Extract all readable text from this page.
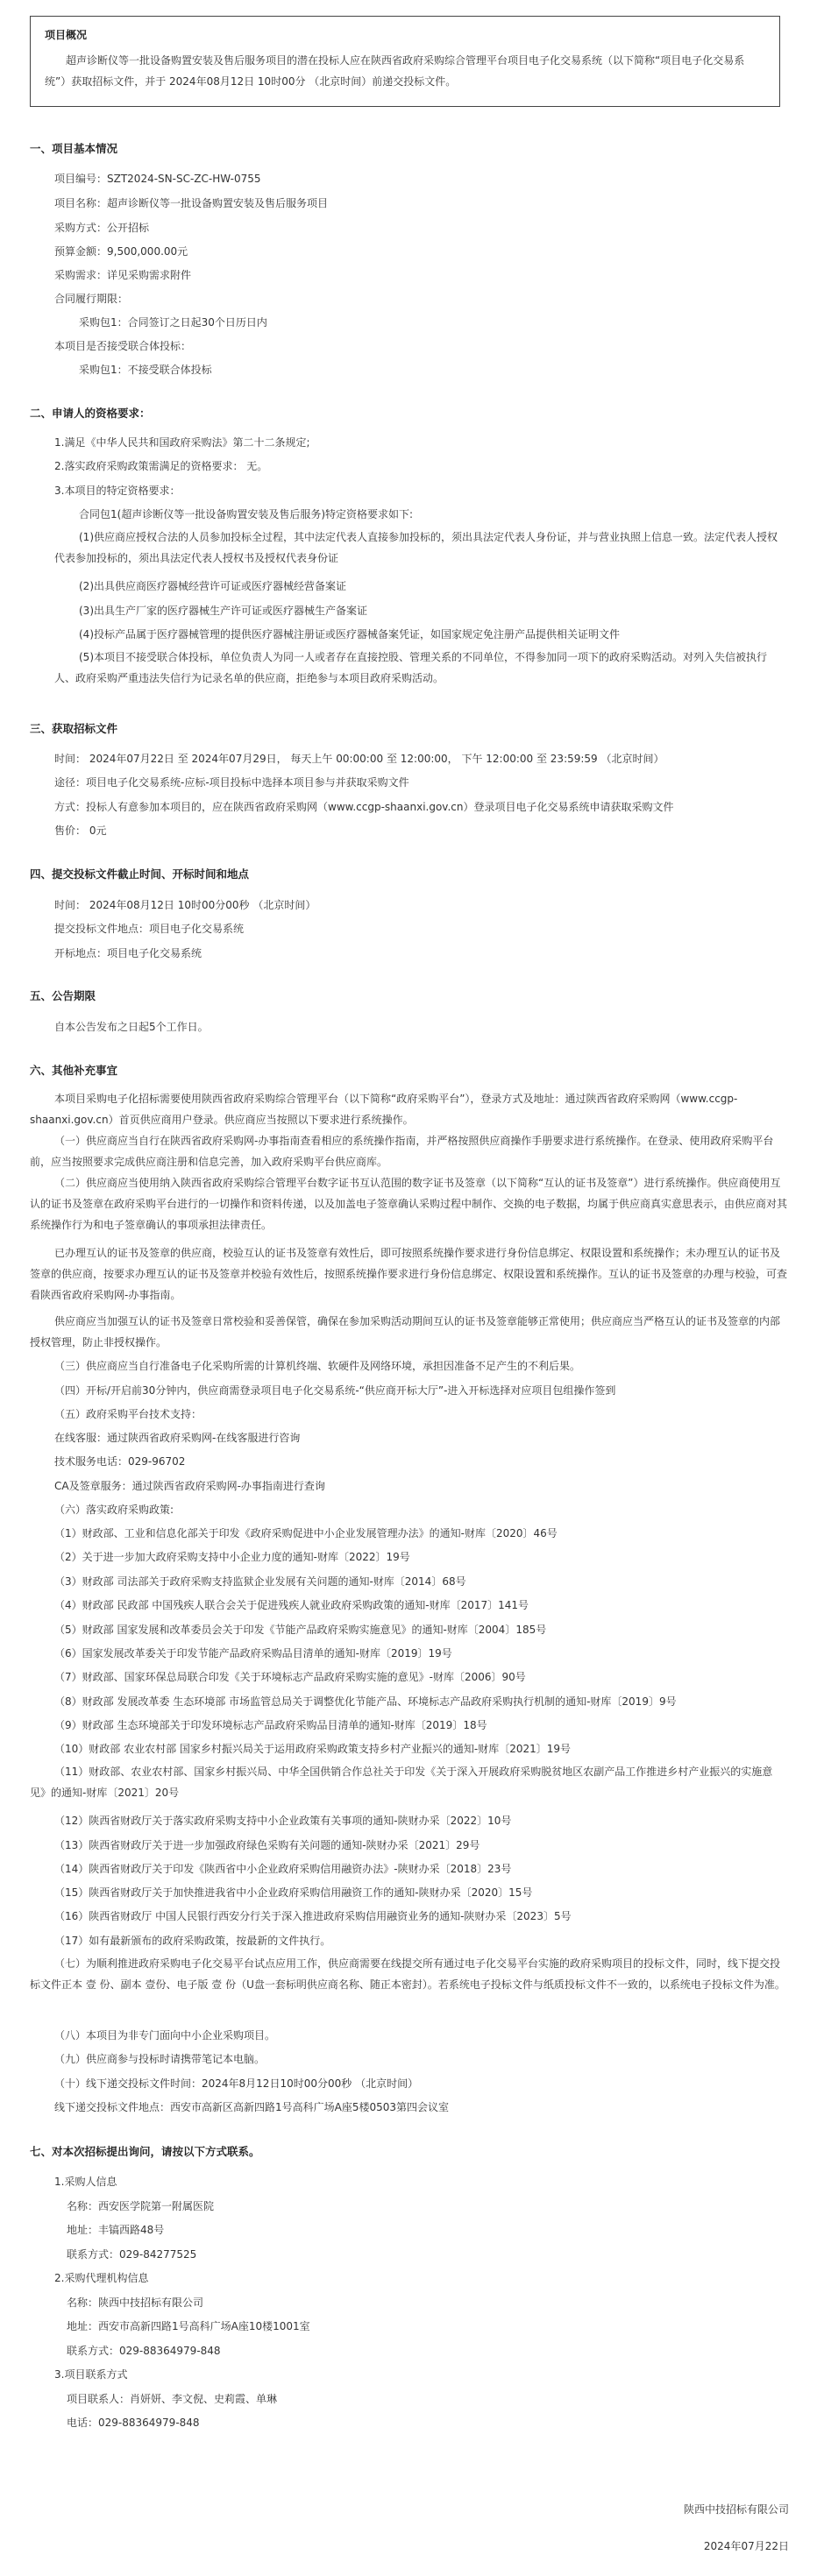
项目概况
超声诊断仪等一批设备购置安装及售后服务项目的潜在投标人应在陕西省政府采购综合管理平台项目电子化交易系统（以下简称“项目电子化交易系统”）获取招标文件，并于 2024年08月12日 10时00分 （北京时间）前递交投标文件。
一、项目基本情况
项目编号：SZT2024-SN-SC-ZC-HW-0755
项目名称：超声诊断仪等一批设备购置安装及售后服务项目
采购方式：公开招标
预算金额：9,500,000.00元
采购需求：详见采购需求附件
合同履行期限：
采购包1：合同签订之日起30个日历日内
本项目是否接受联合体投标：
采购包1：不接受联合体投标
二、申请人的资格要求：
1.满足《中华人民共和国政府采购法》第二十二条规定;
2.落实政府采购政策需满足的资格要求： 无。
3.本项目的特定资格要求：
合同包1(超声诊断仪等一批设备购置安装及售后服务)特定资格要求如下:
(1)供应商应授权合法的人员参加投标全过程，其中法定代表人直接参加投标的，须出具法定代表人身份证，并与营业执照上信息一致。法定代表人授权代表参加投标的，须出具法定代表人授权书及授权代表身份证
(2)出具供应商医疗器械经营许可证或医疗器械经营备案证
(3)出具生产厂家的医疗器械生产许可证或医疗器械生产备案证
(4)投标产品属于医疗器械管理的提供医疗器械注册证或医疗器械备案凭证，如国家规定免注册产品提供相关证明文件
(5)本项目不接受联合体投标，单位负责人为同一人或者存在直接控股、管理关系的不同单位，不得参加同一项下的政府采购活动。对列入失信被执行人、政府采购严重违法失信行为记录名单的供应商，拒绝参与本项目政府采购活动。
三、获取招标文件
时间： 2024年07月22日 至 2024年07月29日， 每天上午 00:00:00 至 12:00:00， 下午 12:00:00 至 23:59:59 （北京时间）
途径：项目电子化交易系统-应标-项目投标中选择本项目参与并获取采购文件
方式：投标人有意参加本项目的，应在陕西省政府采购网（www.ccgp-shaanxi.gov.cn）登录项目电子化交易系统申请获取采购文件
售价： 0元
四、提交投标文件截止时间、开标时间和地点
时间： 2024年08月12日 10时00分00秒 （北京时间）
提交投标文件地点：项目电子化交易系统
开标地点：项目电子化交易系统
五、公告期限
自本公告发布之日起5个工作日。
六、其他补充事宜
本项目采购电子化招标需要使用陕西省政府采购综合管理平台（以下简称“政府采购平台”），登录方式及地址：通过陕西省政府采购网（www.ccgp-shaanxi.gov.cn）首页供应商用户登录。供应商应当按照以下要求进行系统操作。
（一）供应商应当自行在陕西省政府采购网-办事指南查看相应的系统操作指南，并严格按照供应商操作手册要求进行系统操作。在登录、使用政府采购平台前，应当按照要求完成供应商注册和信息完善，加入政府采购平台供应商库。
（二）供应商应当使用纳入陕西省政府采购综合管理平台数字证书互认范围的数字证书及签章（以下简称“互认的证书及签章”）进行系统操作。供应商使用互认的证书及签章在政府采购平台进行的一切操作和资料传递，以及加盖电子签章确认采购过程中制作、交换的电子数据，均属于供应商真实意思表示，由供应商对其系统操作行为和电子签章确认的事项承担法律责任。
已办理互认的证书及签章的供应商，校验互认的证书及签章有效性后，即可按照系统操作要求进行身份信息绑定、权限设置和系统操作；未办理互认的证书及签章的供应商，按要求办理互认的证书及签章并校验有效性后，按照系统操作要求进行身份信息绑定、权限设置和系统操作。互认的证书及签章的办理与校验，可查看陕西省政府采购网-办事指南。
供应商应当加强互认的证书及签章日常校验和妥善保管，确保在参加采购活动期间互认的证书及签章能够正常使用；供应商应当严格互认的证书及签章的内部授权管理，防止非授权操作。
（三）供应商应当自行准备电子化采购所需的计算机终端、软硬件及网络环境，承担因准备不足产生的不利后果。
（四）开标/开启前30分钟内，供应商需登录项目电子化交易系统-“供应商开标大厅”-进入开标选择对应项目包组操作签到
（五）政府采购平台技术支持：
在线客服：通过陕西省政府采购网-在线客服进行咨询
技术服务电话：029-96702
CA及签章服务：通过陕西省政府采购网-办事指南进行查询
（六）落实政府采购政策:
（1）财政部、工业和信息化部关于印发《政府采购促进中小企业发展管理办法》的通知-财库〔2020〕46号
（2）关于进一步加大政府采购支持中小企业力度的通知-财库〔2022〕19号
（3）财政部 司法部关于政府采购支持监狱企业发展有关问题的通知-财库〔2014〕68号
（4）财政部 民政部 中国残疾人联合会关于促进残疾人就业政府采购政策的通知-财库〔2017〕141号
（5）财政部 国家发展和改革委员会关于印发《节能产品政府采购实施意见》的通知-财库〔2004〕185号
（6）国家发展改革委关于印发节能产品政府采购品目清单的通知-财库〔2019〕19号
（7）财政部、国家环保总局联合印发《关于环境标志产品政府采购实施的意见》-财库〔2006〕90号
（8）财政部 发展改革委 生态环境部 市场监管总局关于调整优化节能产品、环境标志产品政府采购执行机制的通知-财库〔2019〕9号
（9）财政部 生态环境部关于印发环境标志产品政府采购品目清单的通知-财库〔2019〕18号
（10）财政部 农业农村部 国家乡村振兴局关于运用政府采购政策支持乡村产业振兴的通知-财库〔2021〕19号
（11）财政部、农业农村部、国家乡村振兴局、中华全国供销合作总社关于印发《关于深入开展政府采购脱贫地区农副产品工作推进乡村产业振兴的实施意见》的通知-财库〔2021〕20号
（12）陕西省财政厅关于落实政府采购支持中小企业政策有关事项的通知-陕财办采〔2022〕10号
（13）陕西省财政厅关于进一步加强政府绿色采购有关问题的通知-陕财办采〔2021〕29号
（14）陕西省财政厅关于印发《陕西省中小企业政府采购信用融资办法》-陕财办采〔2018〕23号
（15）陕西省财政厅关于加快推进我省中小企业政府采购信用融资工作的通知-陕财办采〔2020〕15号
（16）陕西省财政厅 中国人民银行西安分行关于深入推进政府采购信用融资业务的通知-陕财办采〔2023〕5号
（17）如有最新颁布的政府采购政策，按最新的文件执行。
（七）为顺利推进政府采购电子化交易平台试点应用工作，供应商需要在线提交所有通过电子化交易平台实施的政府采购项目的投标文件，同时，线下提交投标文件正本 壹 份、副本 壹份、电子版 壹 份（U盘一套标明供应商名称、随正本密封）。若系统电子投标文件与纸质投标文件不一致的，以系统电子投标文件为准。
（八）本项目为非专门面向中小企业采购项目。
（九）供应商参与投标时请携带笔记本电脑。
（十）线下递交投标文件时间：2024年8月12日10时00分00秒 （北京时间）
线下递交投标文件地点：西安市高新区高新四路1号高科广场A座5楼0503第四会议室
七、对本次招标提出询问，请按以下方式联系。
1.采购人信息
名称：西安医学院第一附属医院
地址：丰镐西路48号
联系方式：029-84277525
2.采购代理机构信息
名称：陕西中技招标有限公司
地址：西安市高新四路1号高科广场A座10楼1001室
联系方式：029-88364979-848
3.项目联系方式
项目联系人：肖妍妍、李文倪、史莉霞、单琳
电话：029-88364979-848
陕西中技招标有限公司
2024年07月22日
